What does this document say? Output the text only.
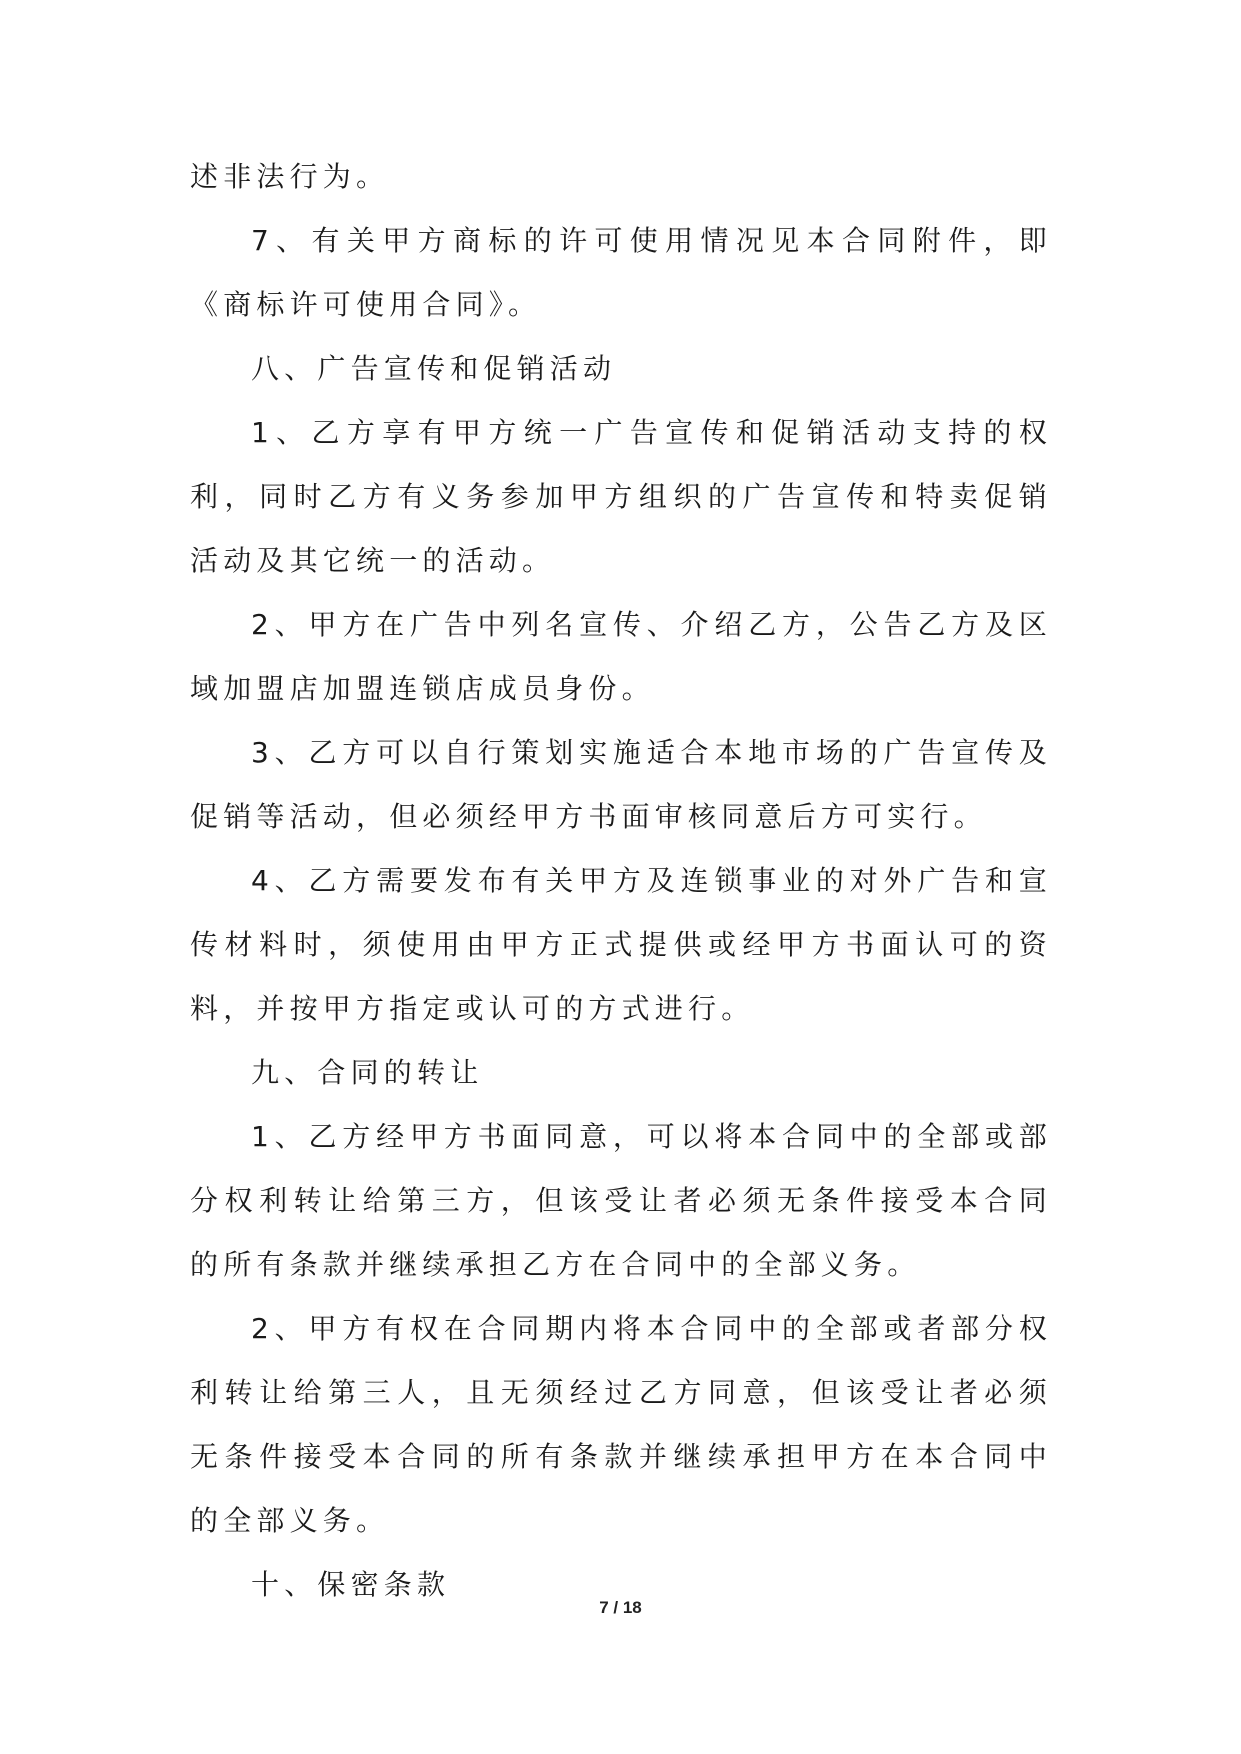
述非法行为。

7、有关甲方商标的许可使用情况见本合同附件，即《商标许可使用合同》。

八、广告宣传和促销活动

1、乙方享有甲方统一广告宣传和促销活动支持的权利，同时乙方有义务参加甲方组织的广告宣传和特卖促销活动及其它统一的活动。

2、甲方在广告中列名宣传、介绍乙方，公告乙方及区域加盟店加盟连锁店成员身份。

3、乙方可以自行策划实施适合本地市场的广告宣传及促销等活动，但必须经甲方书面审核同意后方可实行。

4、乙方需要发布有关甲方及连锁事业的对外广告和宣传材料时，须使用由甲方正式提供或经甲方书面认可的资料，并按甲方指定或认可的方式进行。

九、合同的转让

1、乙方经甲方书面同意，可以将本合同中的全部或部分权利转让给第三方，但该受让者必须无条件接受本合同的所有条款并继续承担乙方在合同中的全部义务。

2、甲方有权在合同期内将本合同中的全部或者部分权利转让给第三人，且无须经过乙方同意，但该受让者必须无条件接受本合同的所有条款并继续承担甲方在本合同中的全部义务。

十、保密条款

7 / 18
